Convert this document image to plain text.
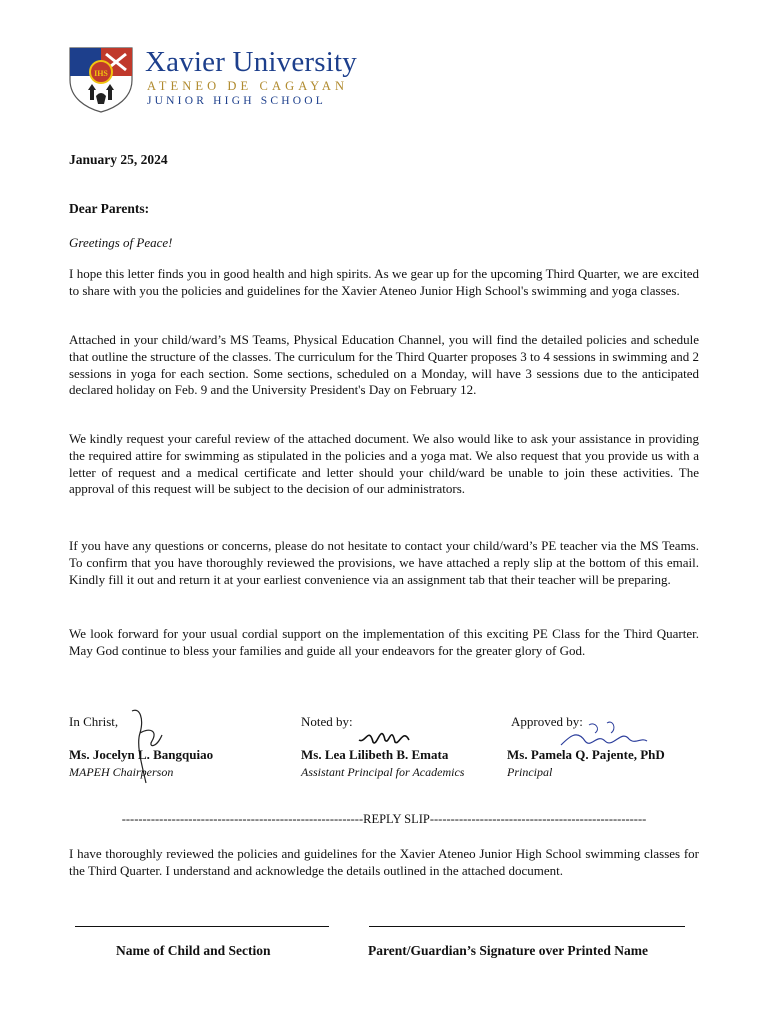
IHS Xavier University
ATENEO DE CAGAYAN
JUNIOR HIGH SCHOOL
January 25, 2024
Dear Parents:
Greetings of Peace!

I hope this letter finds you in good health and high spirits. As we gear up for the upcoming Third Quarter, we are excited to share with you the policies and guidelines for the Xavier Ateneo Junior High School's swimming and yoga classes.

Attached in your child/ward’s MS Teams, Physical Education Channel, you will find the detailed policies and schedule that outline the structure of the classes. The curriculum for the Third Quarter proposes 3 to 4 sessions in swimming and 2 sessions in yoga for each section. Some sections, scheduled on a Monday, will have 3 sessions due to the anticipated declared holiday on Feb. 9 and the University President's Day on February 12.

We kindly request your careful review of the attached document. We also would like to ask your assistance in providing the required attire for swimming as stipulated in the policies and a yoga mat. We also request that you provide us with a letter of request and a medical certificate and letter should your child/ward be unable to join these activities. The approval of this request will be subject to the decision of our administrators.

If you have any questions or concerns, please do not hesitate to contact your child/ward’s PE teacher via the MS Teams. To confirm that you have thoroughly reviewed the provisions, we have attached a reply slip at the bottom of this email. Kindly fill it out and return it at your earliest convenience via an assignment tab that their teacher will be preparing.

We look forward for your usual cordial support on the implementation of this exciting PE Class for the Third Quarter. May God continue to bless your families and guide all your endeavors for the greater glory of God.

In Christ,
Ms. Jocelyn L. Bangquiao
MAPEH Chairperson
Noted by:
Ms. Lea Lilibeth B. Emata
Assistant Principal for Academics
Approved by:
Ms. Pamela Q. Pajente, PhD
Principal
----------------------------------------------------------REPLY SLIP----------------------------------------------------

I have thoroughly reviewed the policies and guidelines for the Xavier Ateneo Junior High School swimming classes for the Third Quarter. I understand and acknowledge the details outlined in the attached document.

Name of Child and Section	Parent/Guardian’s Signature over Printed Name
